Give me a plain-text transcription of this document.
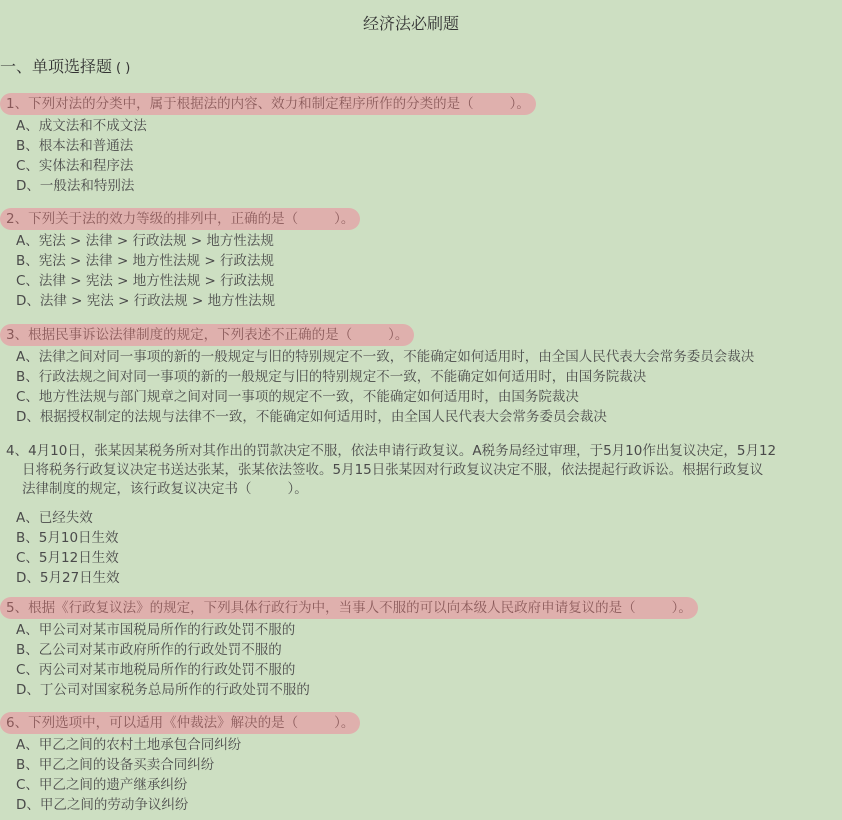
经济法必刷题
一、单项选择题 ( )
1、下列对法的分类中，属于根据法的内容、效力和制定程序所作的分类的是（	）。
A、成文法和不成文法
B、根本法和普通法
C、实体法和程序法
D、一般法和特别法
2、下列关于法的效力等级的排列中，正确的是（	）。
A、宪法 > 法律 > 行政法规 > 地方性法规
B、宪法 > 法律 > 地方性法规 > 行政法规
C、法律 > 宪法 > 地方性法规 > 行政法规
D、法律 > 宪法 > 行政法规 > 地方性法规
3、根据民事诉讼法律制度的规定，下列表述不正确的是（	）。
A、法律之间对同一事项的新的一般规定与旧的特别规定不一致，不能确定如何适用时，由全国人民代表大会常务委员会裁决
B、行政法规之间对同一事项的新的一般规定与旧的特别规定不一致，不能确定如何适用时，由国务院裁决
C、地方性法规与部门规章之间对同一事项的规定不一致，不能确定如何适用时，由国务院裁决
D、根据授权制定的法规与法律不一致，不能确定如何适用时，由全国人民代表大会常务委员会裁决
4、4月10日，张某因某税务所对其作出的罚款决定不服，依法申请行政复议。A税务局经过审理，于5月10作出复议决定，5月12
日将税务行政复议决定书送达张某，张某依法签收。5月15日张某因对行政复议决定不服，依法提起行政诉讼。根据行政复议
法律制度的规定，该行政复议决定书（	）。
A、已经失效
B、5月10日生效
C、5月12日生效
D、5月27日生效
5、根据《行政复议法》的规定，下列具体行政行为中，当事人不服的可以向本级人民政府申请复议的是（	）。
A、甲公司对某市国税局所作的行政处罚不服的
B、乙公司对某市政府所作的行政处罚不服的
C、丙公司对某市地税局所作的行政处罚不服的
D、丁公司对国家税务总局所作的行政处罚不服的
6、下列选项中，可以适用《仲裁法》解决的是（	）。
A、甲乙之间的农村土地承包合同纠纷
B、甲乙之间的设备买卖合同纠纷
C、甲乙之间的遗产继承纠纷
D、甲乙之间的劳动争议纠纷
